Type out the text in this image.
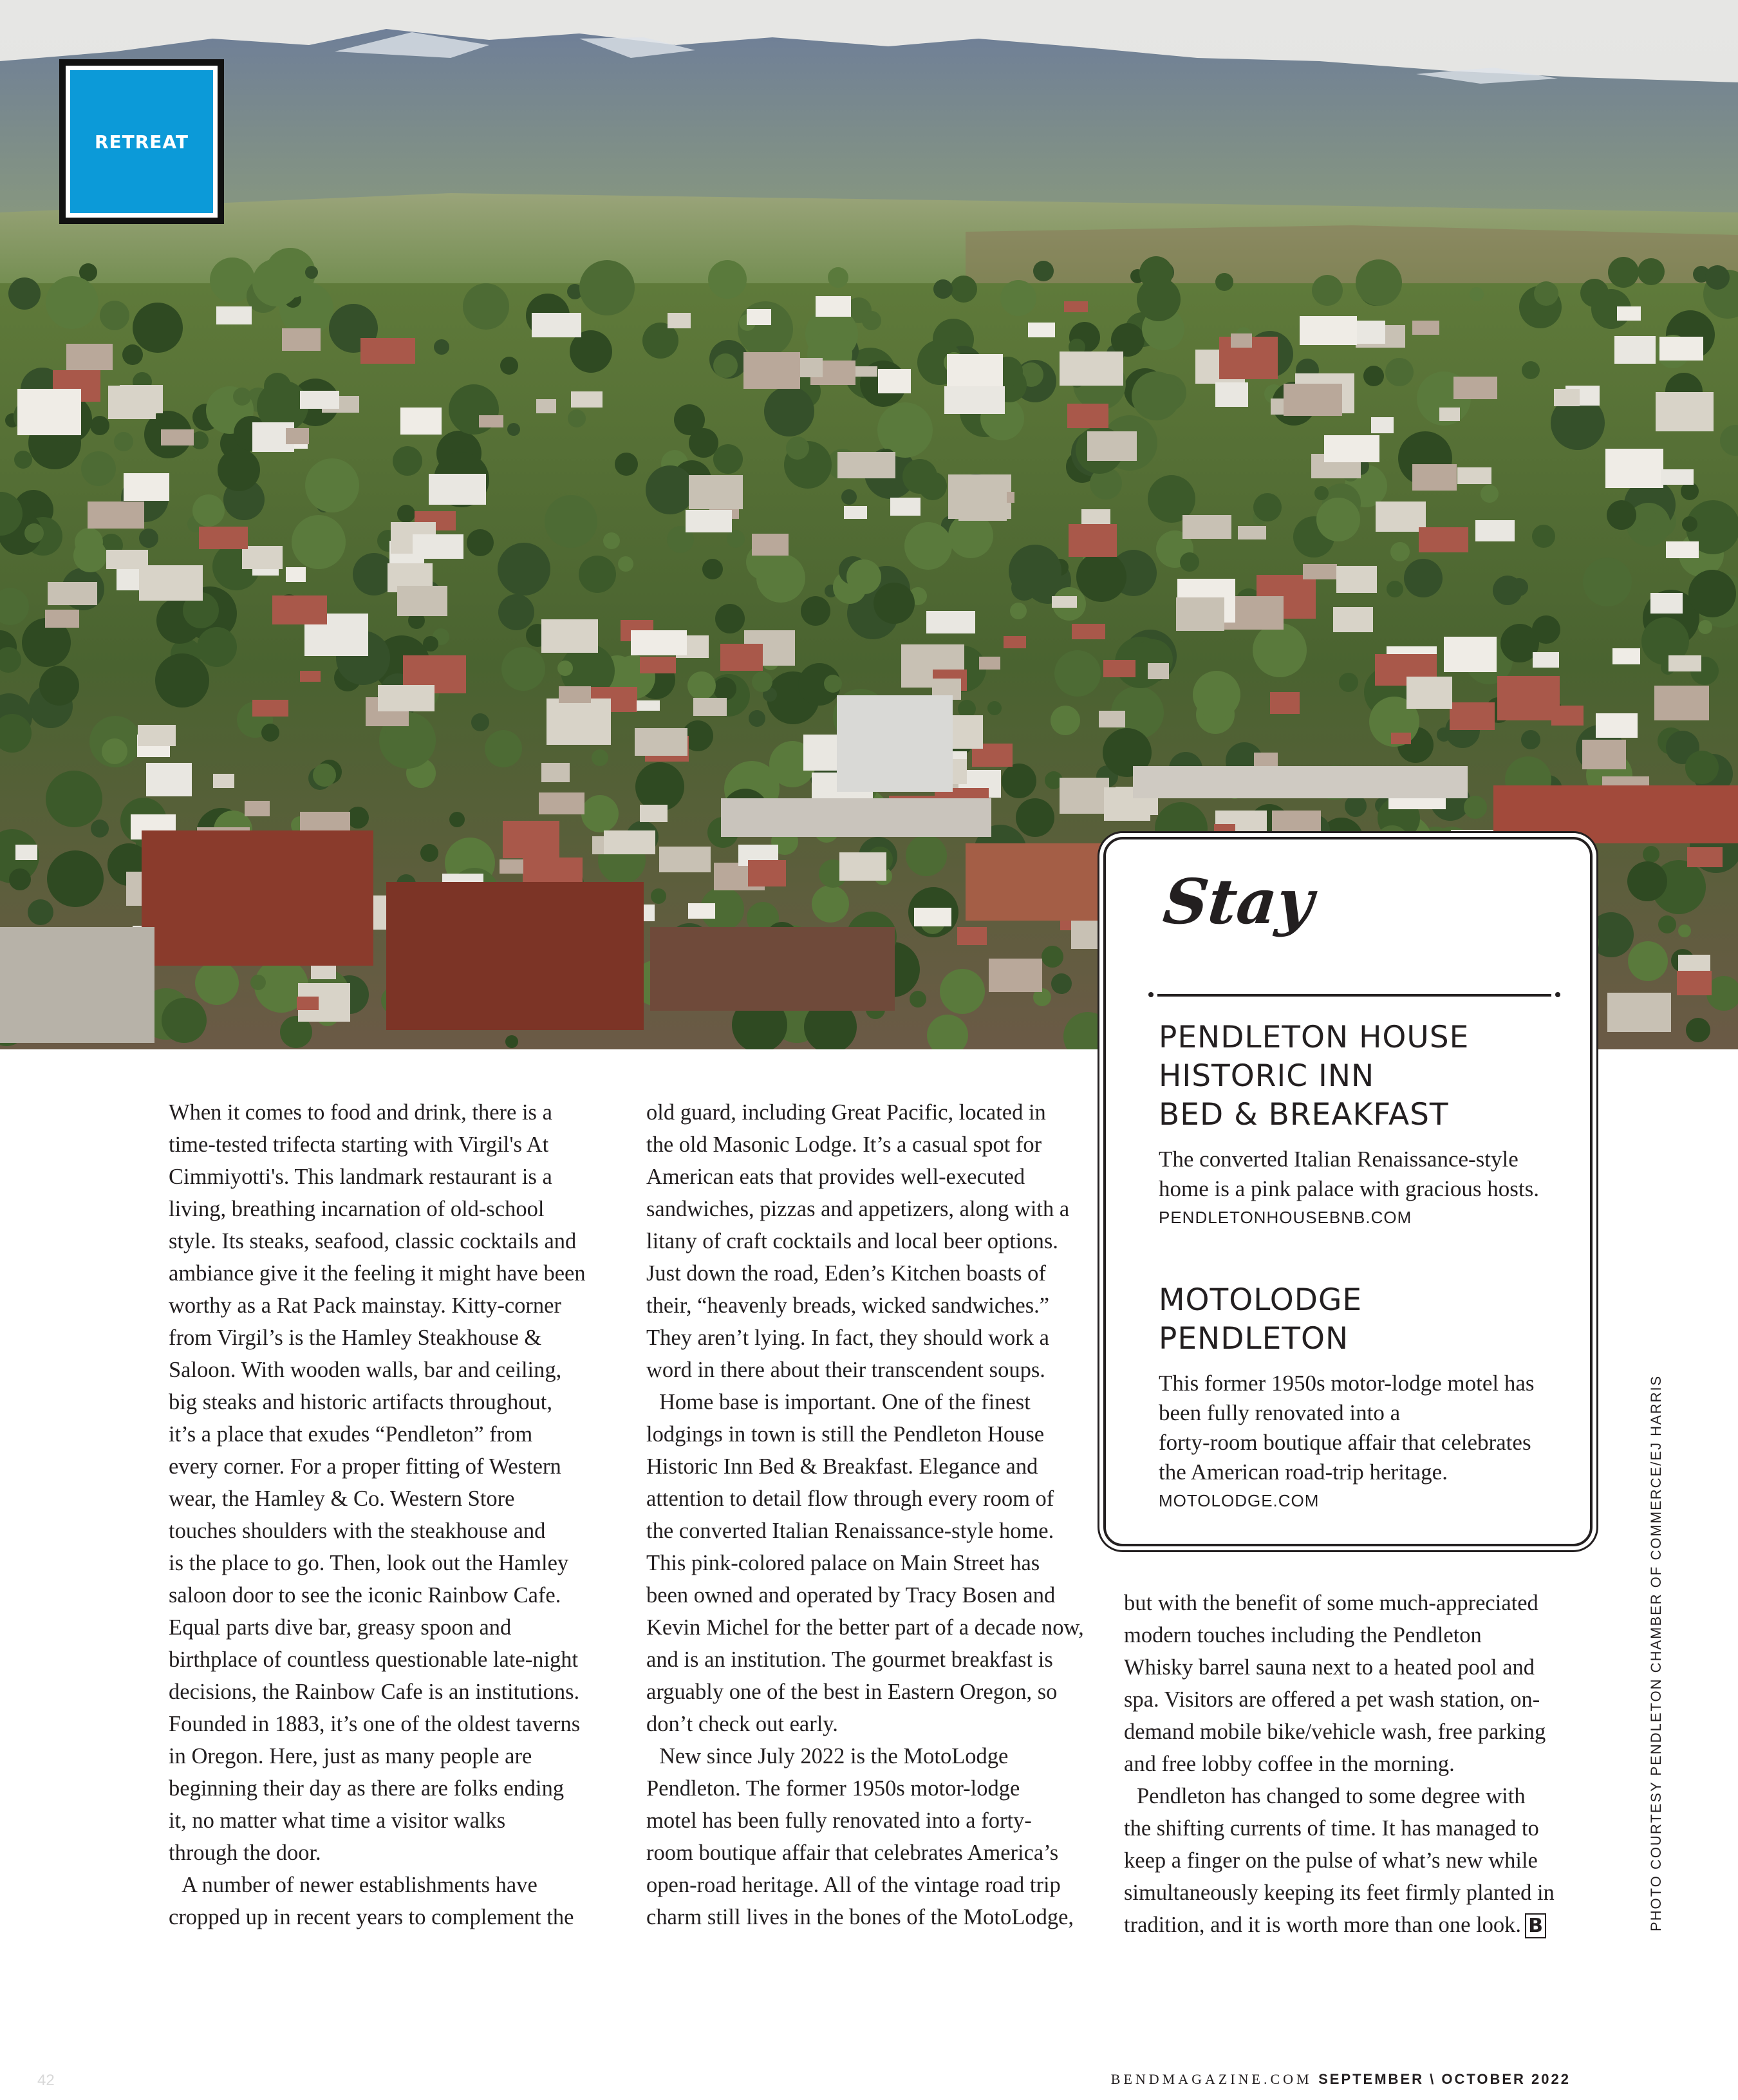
RETREAT
Stay
PENDLETON HOUSE
HISTORIC INN
BED & BREAKFAST
The converted Italian Renaissance-style
home is a pink palace with gracious hosts.
PENDLETONHOUSEBNB.COM
MOTOLODGE
PENDLETON
This former 1950s motor-lodge motel has
been fully renovated into a
forty-room boutique affair that celebrates
the American road-trip heritage.
MOTOLODGE.COM

When it comes to food and drink, there is a
time-tested trifecta starting with Virgil's At
Cimmiyotti's. This landmark restaurant is a
living, breathing incarnation of old-school
style. Its steaks, seafood, classic cocktails and
ambiance give it the feeling it might have been
worthy as a Rat Pack mainstay. Kitty-corner
from Virgil’s is the Hamley Steakhouse &
Saloon. With wooden walls, bar and ceiling,
big steaks and historic artifacts throughout,
it’s a place that exudes “Pendleton” from
every corner. For a proper fitting of Western
wear, the Hamley & Co. Western Store
touches shoulders with the steakhouse and
is the place to go. Then, look out the Hamley
saloon door to see the iconic Rainbow Cafe.
Equal parts dive bar, greasy spoon and
birthplace of countless questionable late-night
decisions, the Rainbow Cafe is an institutions.
Founded in 1883, it’s one of the oldest taverns
in Oregon. Here, just as many people are
beginning their day as there are folks ending
it, no matter what time a visitor walks
through the door.

A number of newer establishments have
cropped up in recent years to complement the

old guard, including Great Pacific, located in
the old Masonic Lodge. It’s a casual spot for
American eats that provides well-executed
sandwiches, pizzas and appetizers, along with a
litany of craft cocktails and local beer options.
Just down the road, Eden’s Kitchen boasts of
their, “heavenly breads, wicked sandwiches.”
They aren’t lying. In fact, they should work a
word in there about their transcendent soups.

Home base is important. One of the finest
lodgings in town is still the Pendleton House
Historic Inn Bed & Breakfast. Elegance and
attention to detail flow through every room of
the converted Italian Renaissance-style home.
This pink-colored palace on Main Street has
been owned and operated by Tracy Bosen and
Kevin Michel for the better part of a decade now,
and is an institution. The gourmet breakfast is
arguably one of the best in Eastern Oregon, so
don’t check out early.

New since July 2022 is the MotoLodge
Pendleton. The former 1950s motor-lodge
motel has been fully renovated into a forty-
room boutique affair that celebrates America’s
open-road heritage. All of the vintage road trip
charm still lives in the bones of the MotoLodge,

but with the benefit of some much-appreciated
modern touches including the Pendleton
Whisky barrel sauna next to a heated pool and
spa. Visitors are offered a pet wash station, on-
demand mobile bike/vehicle wash, free parking
and free lobby coffee in the morning.

Pendleton has changed to some degree with
the shifting currents of time. It has managed to
keep a finger on the pulse of what’s new while
simultaneously keeping its feet firmly planted in
tradition, and it is worth more than one look. B	PHOTO COURTESY PENDLETON CHAMBER OF COMMERCE/EJ HARRIS
42	BENDMAGAZINE.COM SEPTEMBER \ OCTOBER 2022
